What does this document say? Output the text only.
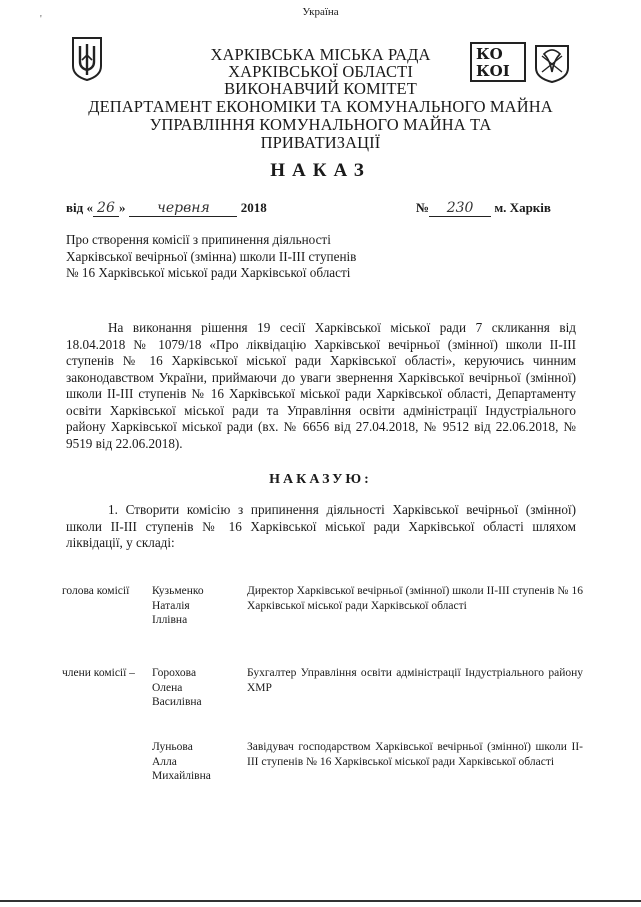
'
Україна
ХАРКІВСЬКА МІСЬКА РАДА
ХАРКІВСЬКОЇ ОБЛАСТІ
ВИКОНАВЧИЙ КОМІТЕТ
ДЕПАРТАМЕНТ ЕКОНОМІКИ ТА КОМУНАЛЬНОГО МАЙНА
УПРАВЛІННЯ КОМУНАЛЬНОГО МАЙНА ТА
ПРИВАТИЗАЦІЇ
КО
КОІ
НАКАЗ
від « 26 » червня 2018	№ 230 м. Харків
Про створення комісії з припинення діяльності Харківської вечірньої (змінна) школи ІІ-ІІІ ступенів № 16 Харківської міської ради Харківської області
На виконання рішення 19 сесії Харківської міської ради 7 скликання від 18.04.2018 № 1079/18 «Про ліквідацію Харківської вечірньої (змінної) школи ІІ-ІІІ ступенів № 16 Харківської міської ради Харківської області», керуючись чинним законодавством України, приймаючи до уваги звернення Харківської вечірньої (змінної) школи ІІ-ІІІ ступенів № 16 Харківської міської ради Харківської області, Департаменту освіти Харківської міської ради та Управління освіти адміністрації Індустріального району Харківської міської ради (вх. № 6656 від 27.04.2018, № 9512 від 22.06.2018, № 9519 від 22.06.2018).
НАКАЗУЮ:
1. Створити комісію з припинення діяльності Харківської вечірньої (змінної) школи ІІ-ІІІ ступенів № 16 Харківської міської ради Харківської області шляхом ліквідації, у складі:
голова комісії Кузьменко
Наталія
Іллівна
Директор Харківської вечірньої (змінної) школи ІІ-ІІІ ступенів № 16 Харківської міської ради Харківської області
члени комісії – Горохова
Олена
Василівна
Бухгалтер Управління освіти адміністрації Індустріального району ХМР
Луньова
Алла
Михайлівна
Завідувач господарством Харківської вечірньої (змінної) школи ІІ-ІІІ ступенів № 16 Харківської міської ради Харківської області
